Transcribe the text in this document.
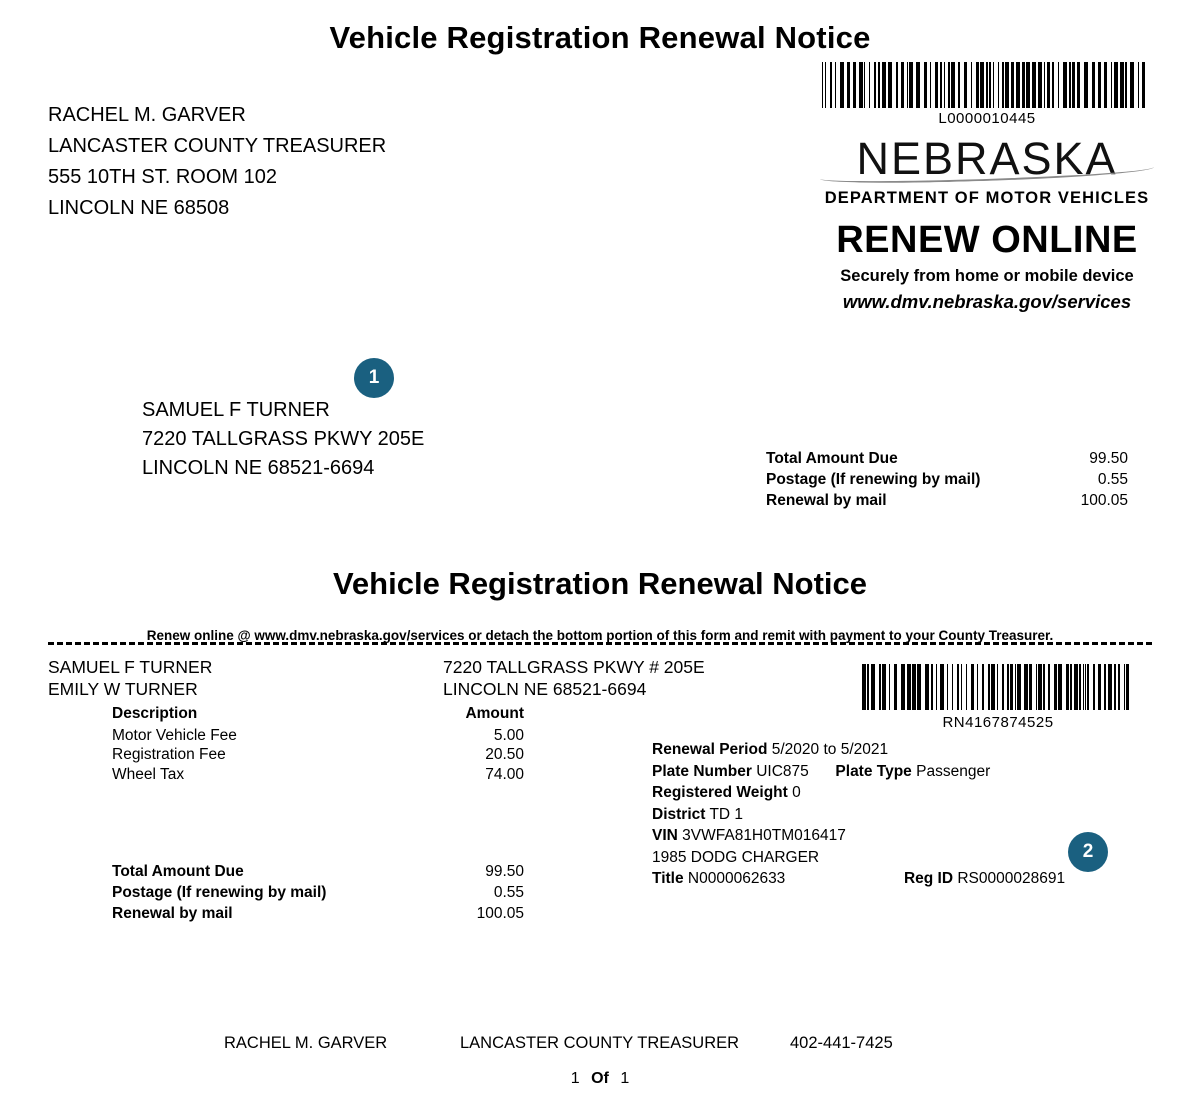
Vehicle Registration Renewal Notice
RACHEL M. GARVER
LANCASTER COUNTY TREASURER
555 10TH ST. ROOM 102
LINCOLN NE 68508
L0000010445
NEBRASKA
DEPARTMENT OF MOTOR VEHICLES
RENEW ONLINE
Securely from home or mobile device
www.dmv.nebraska.gov/services
1
2
SAMUEL F TURNER
7220 TALLGRASS PKWY 205E
LINCOLN NE 68521-6694	Total Amount Due	99.50
Postage (If renewing by mail)	0.55
Renewal by mail	100.05
Vehicle Registration Renewal Notice
Renew online @ www.dmv.nebraska.gov/services or detach the bottom portion of this form and remit with payment to your County Treasurer.
SAMUEL F TURNER
EMILY W TURNER
7220 TALLGRASS PKWY # 205E
LINCOLN NE 68521-6694
Description	Amount
Motor Vehicle Fee	5.00
Registration Fee	20.50
Wheel Tax	74.00
Total Amount Due	99.50
Postage (If renewing by mail)	0.55
Renewal by mail	100.05
RN4167874525
Renewal Period 5/2020 to 5/2021
Plate Number UIC875 Plate Type Passenger
Registered Weight 0
District TD 1
VIN 3VWFA81H0TM016417
1985 DODG CHARGER
Title N0000062633	Reg ID RS0000028691
RACHEL M. GARVER	LANCASTER COUNTY TREASURER	402-441-7425
1 Of 1
